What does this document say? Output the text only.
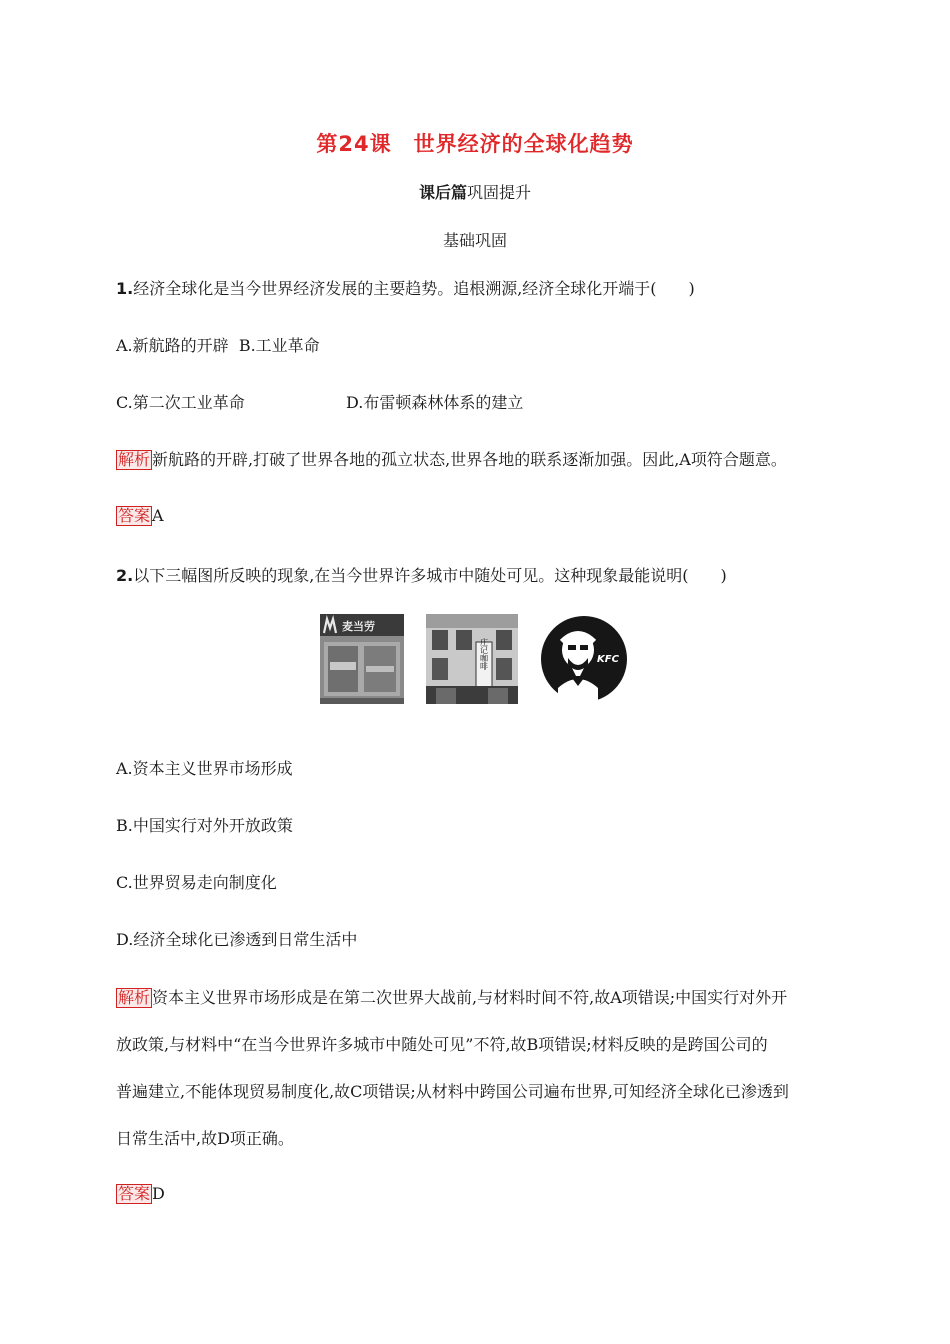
第24课　世界经济的全球化趋势
课后篇巩固提升
基础巩固
1.经济全球化是当今世界经济发展的主要趋势。追根溯源,经济全球化开端于(　　)
A.新航路的开辟 B.工业革命
C.第二次工业革命	D.布雷顿森林体系的建立
解析 新航路的开辟,打破了世界各地的孤立状态,世界各地的联系逐渐加强。因此,A项符合题意。
答案 A
2.以下三幅图所反映的现象,在当今世界许多城市中随处可见。这种现象最能说明(　　)
麦当劳
庄记咖啡	KFC
A.资本主义世界市场形成
B.中国实行对外开放政策
C.世界贸易走向制度化
D.经济全球化已渗透到日常生活中
解析 资本主义世界市场形成是在第二次世界大战前,与材料时间不符,故A项错误;中国实行对外开
放政策,与材料中“在当今世界许多城市中随处可见”不符,故B项错误;材料反映的是跨国公司的
普遍建立,不能体现贸易制度化,故C项错误;从材料中跨国公司遍布世界,可知经济全球化已渗透到
日常生活中,故D项正确。
答案 D
